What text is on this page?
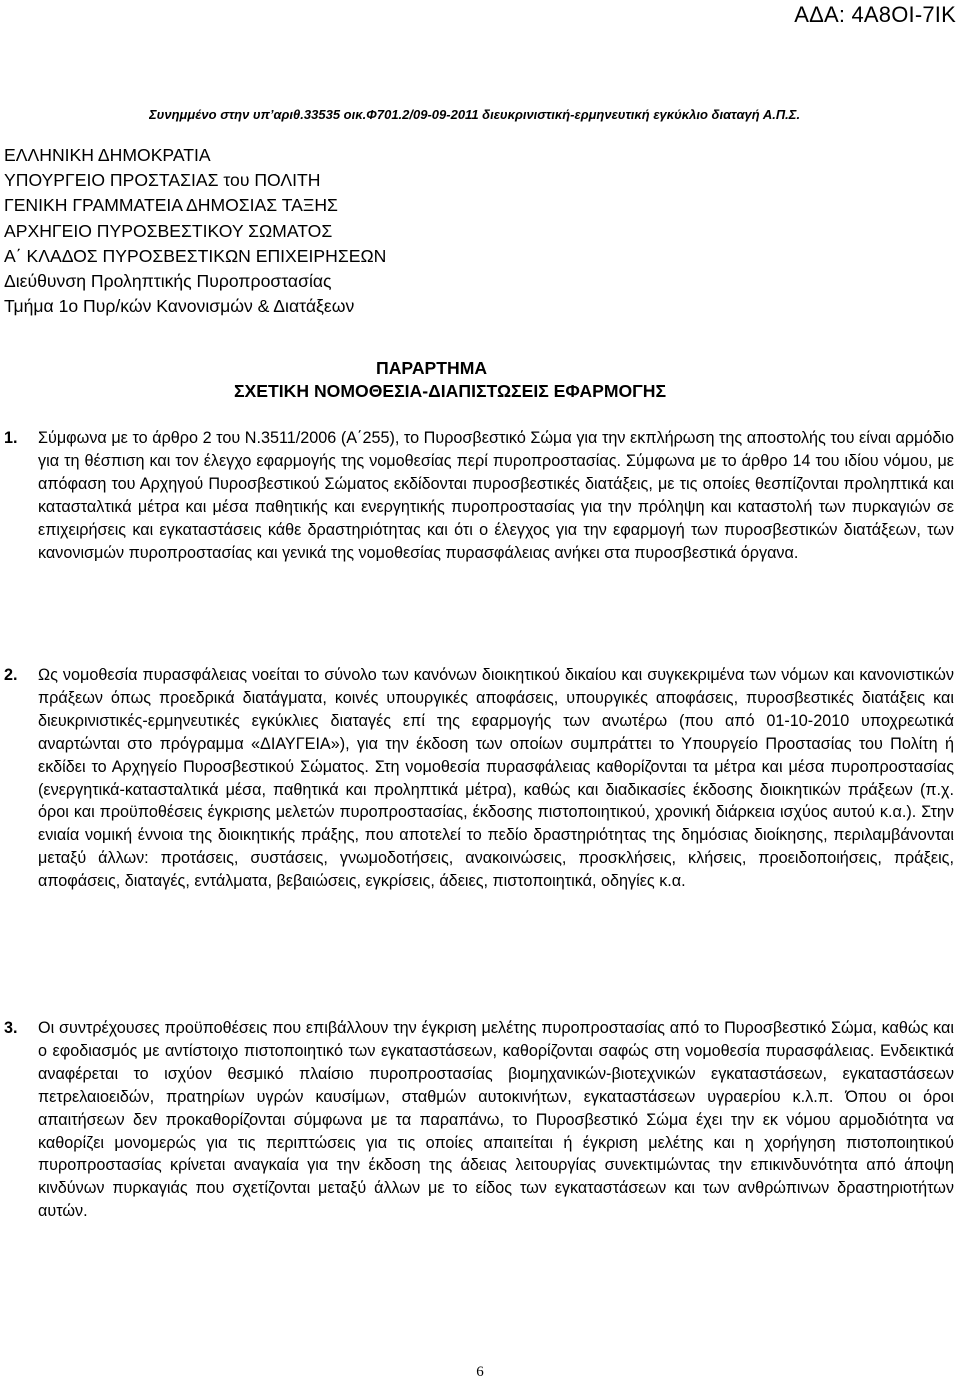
ΑΔΑ: 4Α8ΟΙ-7ΙΚ
Συνημμένο στην υπ’αριθ.33535 οικ.Φ701.2/09-09-2011 διευκρινιστική-ερμηνευτική εγκύκλιο διαταγή Α.Π.Σ.
ΕΛΛΗΝΙΚΗ ΔΗΜΟΚΡΑΤΙΑ
ΥΠΟΥΡΓΕΙΟ ΠΡΟΣΤΑΣΙΑΣ του ΠΟΛΙΤΗ
ΓΕΝΙΚΗ ΓΡΑΜΜΑΤΕΙΑ ΔΗΜΟΣΙΑΣ ΤΑΞΗΣ
ΑΡΧΗΓΕΙΟ ΠΥΡΟΣΒΕΣΤΙΚΟΥ ΣΩΜΑΤΟΣ
Α΄ ΚΛΑΔΟΣ ΠΥΡΟΣΒΕΣΤΙΚΩΝ ΕΠΙΧΕΙΡΗΣΕΩΝ
Διεύθυνση Προληπτικής Πυροπροστασίας
Τμήμα 1ο Πυρ/κών Κανονισμών & Διατάξεων
ΠΑΡΑΡΤΗΜΑ
ΣΧΕΤΙΚΗ ΝΟΜΟΘΕΣΙΑ-ΔΙΑΠΙΣΤΩΣΕΙΣ ΕΦΑΡΜΟΓΗΣ
1. Σύμφωνα με το άρθρο 2 του Ν.3511/2006 (Α΄255), το Πυροσβεστικό Σώμα για την εκπλήρωση της αποστολής του είναι αρμόδιο για τη θέσπιση και τον έλεγχο εφαρμογής της νομοθεσίας περί πυροπροστασίας. Σύμφωνα με το άρθρο 14 του ιδίου νόμου, με απόφαση του Αρχηγού Πυροσβεστικού Σώματος εκδίδονται πυροσβεστικές διατάξεις, με τις οποίες θεσπίζονται προληπτικά και κατασταλτικά μέτρα και μέσα παθητικής και ενεργητικής πυροπροστασίας για την πρόληψη και καταστολή των πυρκαγιών σε επιχειρήσεις και εγκαταστάσεις κάθε δραστηριότητας και ότι ο έλεγχος για την εφαρμογή των πυροσβεστικών διατάξεων, των κανονισμών πυροπροστασίας και γενικά της νομοθεσίας πυρασφάλειας ανήκει στα πυροσβεστικά όργανα.
2. Ως νομοθεσία πυρασφάλειας νοείται το σύνολο των κανόνων διοικητικού δικαίου και συγκεκριμένα των νόμων και κανονιστικών πράξεων όπως προεδρικά διατάγματα, κοινές υπουργικές αποφάσεις, υπουργικές αποφάσεις, πυροσβεστικές διατάξεις και διευκρινιστικές-ερμηνευτικές εγκύκλιες διαταγές επί της εφαρμογής των ανωτέρω (που από 01-10-2010 υποχρεωτικά αναρτώνται στο πρόγραμμα «ΔΙΑΥΓΕΙΑ»), για την έκδοση των οποίων συμπράττει το Υπουργείο Προστασίας του Πολίτη ή εκδίδει το Αρχηγείο Πυροσβεστικού Σώματος. Στη νομοθεσία πυρασφάλειας καθορίζονται τα μέτρα και μέσα πυροπροστασίας (ενεργητικά-κατασταλτικά μέσα, παθητικά και προληπτικά μέτρα), καθώς και διαδικασίες έκδοσης διοικητικών πράξεων (π.χ. όροι και προϋποθέσεις έγκρισης μελετών πυροπροστασίας, έκδοσης πιστοποιητικού, χρονική διάρκεια ισχύος αυτού κ.α.). Στην ενιαία νομική έννοια της διοικητικής πράξης, που αποτελεί το πεδίο δραστηριότητας της δημόσιας διοίκησης, περιλαμβάνονται μεταξύ άλλων: προτάσεις, συστάσεις, γνωμοδοτήσεις, ανακοινώσεις, προσκλήσεις, κλήσεις, προειδοποιήσεις, πράξεις, αποφάσεις, διαταγές, εντάλματα, βεβαιώσεις, εγκρίσεις, άδειες, πιστοποιητικά, οδηγίες κ.α.
3. Οι συντρέχουσες προϋποθέσεις που επιβάλλουν την έγκριση μελέτης πυροπροστασίας από το Πυροσβεστικό Σώμα, καθώς και ο εφοδιασμός με αντίστοιχο πιστοποιητικό των εγκαταστάσεων, καθορίζονται σαφώς στη νομοθεσία πυρασφάλειας. Ενδεικτικά αναφέρεται το ισχύον θεσμικό πλαίσιο πυροπροστασίας βιομηχανικών-βιοτεχνικών εγκαταστάσεων, εγκαταστάσεων πετρελαιοειδών, πρατηρίων υγρών καυσίμων, σταθμών αυτοκινήτων, εγκαταστάσεων υγραερίου κ.λ.π. Όπου οι όροι απαιτήσεων δεν προκαθορίζονται σύμφωνα με τα παραπάνω, το Πυροσβεστικό Σώμα έχει την εκ νόμου αρμοδιότητα να καθορίζει μονομερώς για τις περιπτώσεις για τις οποίες απαιτείται ή έγκριση μελέτης και η χορήγηση πιστοποιητικού πυροπροστασίας κρίνεται αναγκαία για την έκδοση της άδειας λειτουργίας συνεκτιμώντας την επικινδυνότητα από άποψη κινδύνων πυρκαγιάς που σχετίζονται μεταξύ άλλων με το είδος των εγκαταστάσεων και των ανθρώπινων δραστηριοτήτων αυτών.
6
